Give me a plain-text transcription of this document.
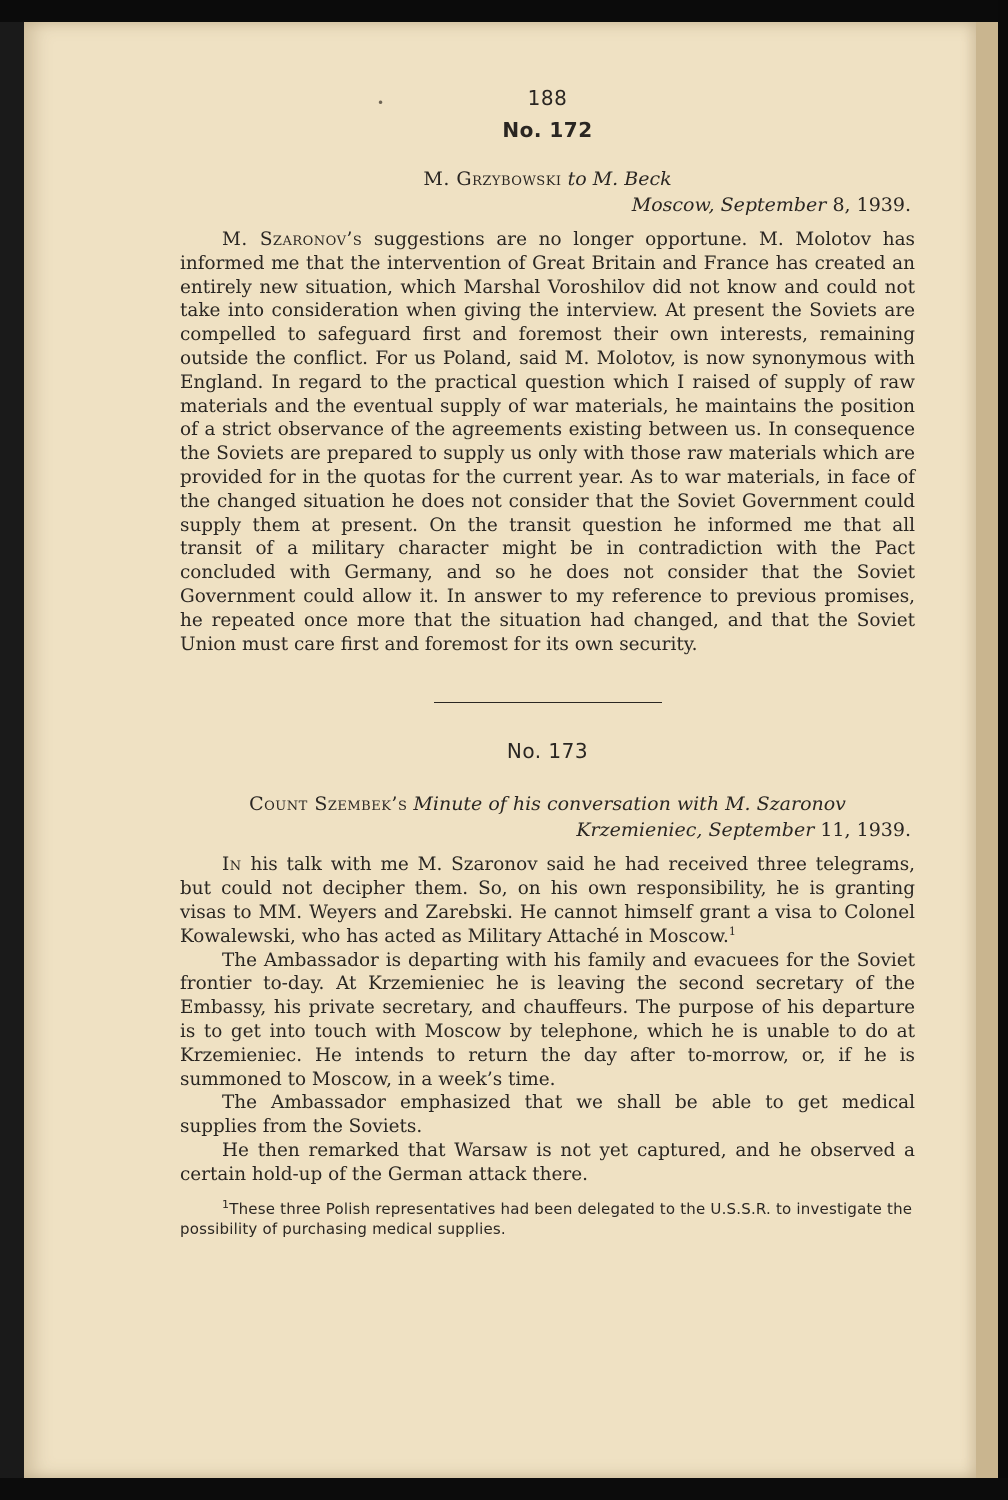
•	188
No. 172
M. Grzybowski to M. Beck
Moscow, September 8, 1939.

M. Szaronov’s suggestions are no longer opportune. M. Molotov has informed me that the intervention of Great Britain and France has created an entirely new situation, which Marshal Voroshilov did not know and could not take into consideration when giving the interview. At present the Soviets are compelled to safeguard first and foremost their own interests, remaining outside the conflict. For us Poland, said M. Molotov, is now synonymous with England. In regard to the practical question which I raised of supply of raw materials and the eventual supply of war materials, he maintains the position of a strict observance of the agreements existing between us. In consequence the Soviets are prepared to supply us only with those raw materials which are provided for in the quotas for the current year. As to war materials, in face of the changed situation he does not consider that the Soviet Government could supply them at present. On the transit question he informed me that all transit of a military character might be in contradiction with the Pact concluded with Germany, and so he does not consider that the Soviet Government could allow it. In answer to my reference to previous promises, he repeated once more that the situation had changed, and that the Soviet Union must care first and foremost for its own security.

No. 173
Count Szembek’s Minute of his conversation with M. Szaronov
Krzemieniec, September 11, 1939.

In his talk with me M. Szaronov said he had received three telegrams, but could not decipher them. So, on his own responsibility, he is granting visas to MM. Weyers and Zarebski. He cannot himself grant a visa to Colonel Kowalewski, who has acted as Military Attaché in Moscow.$^1$

The Ambassador is departing with his family and evacuees for the Soviet frontier to-day. At Krzemieniec he is leaving the second secretary of the Embassy, his private secretary, and chauffeurs. The purpose of his departure is to get into touch with Moscow by telephone, which he is unable to do at Krzemieniec. He intends to return the day after to-morrow, or, if he is summoned to Moscow, in a week’s time.

The Ambassador emphasized that we shall be able to get medical supplies from the Soviets.

He then remarked that Warsaw is not yet captured, and he observed a certain hold-up of the German attack there.

$^1$These three Polish representatives had been delegated to the U.S.S.R. to investigate the possibility of purchasing medical supplies.
